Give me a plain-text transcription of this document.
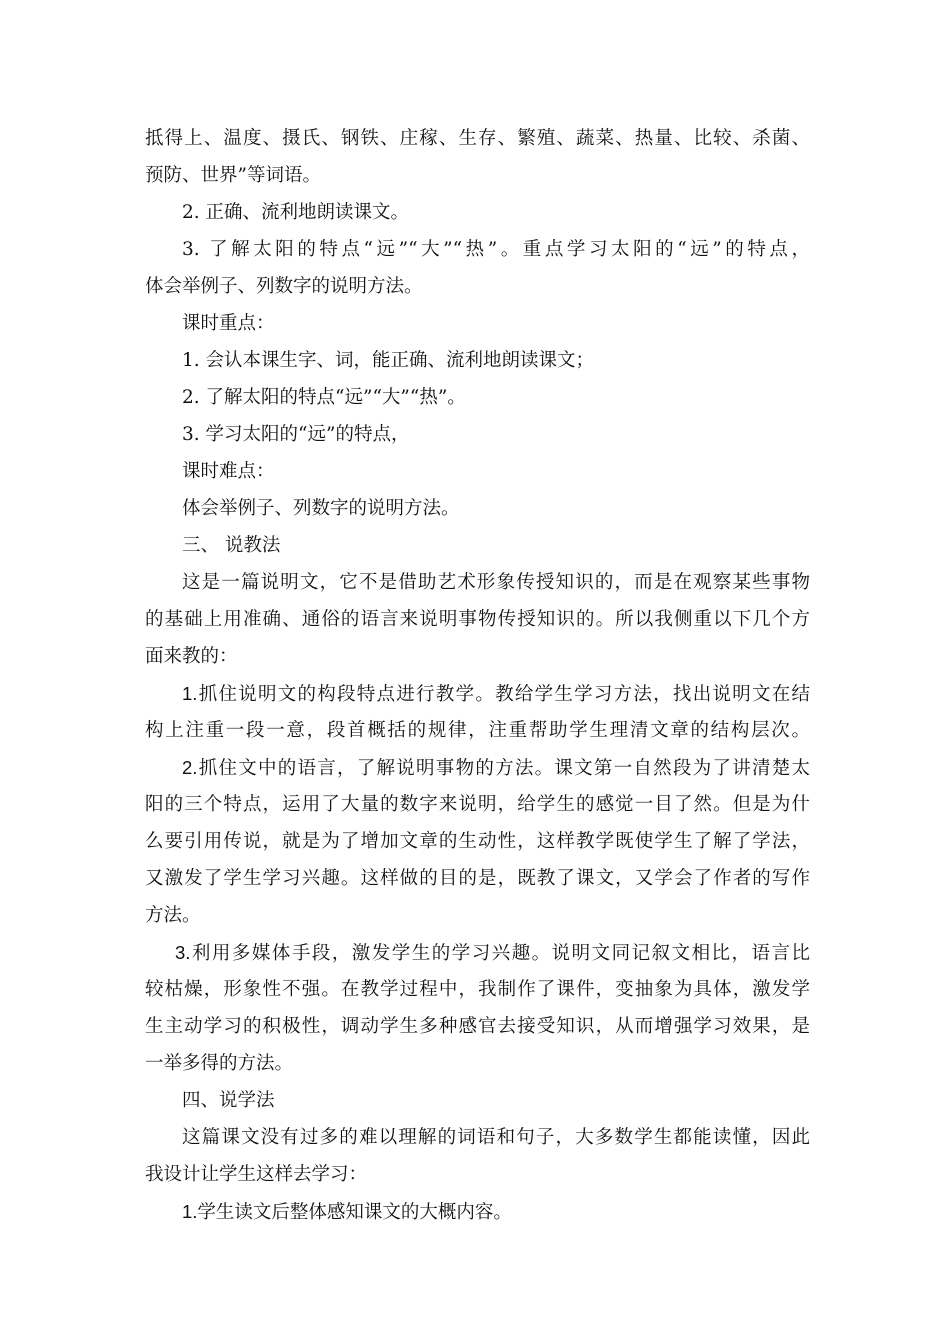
抵得上、温度、摄氏、钢铁、庄稼、生存、繁殖、蔬菜、热量、比较、杀菌、
预防、世界”等词语。
2. 正确、流利地朗读课文。
3. 了解太阳的特点“远”“大”“热”。重点学习太阳的“远”的特点，
体会举例子、列数字的说明方法。
课时重点：
1. 会认本课生字、词，能正确、流利地朗读课文；
2. 了解太阳的特点“远”“大”“热”。
3. 学习太阳的“远”的特点，
课时难点：
体会举例子、列数字的说明方法。
三、 说教法
这是一篇说明文，它不是借助艺术形象传授知识的，而是在观察某些事物
的基础上用准确、通俗的语言来说明事物传授知识的。所以我侧重以下几个方
面来教的：
1.抓住说明文的构段特点进行教学。教给学生学习方法，找出说明文在结
构上注重一段一意，段首概括的规律，注重帮助学生理清文章的结构层次。
2.抓住文中的语言，了解说明事物的方法。课文第一自然段为了讲清楚太
阳的三个特点，运用了大量的数字来说明，给学生的感觉一目了然。但是为什
么要引用传说，就是为了增加文章的生动性，这样教学既使学生了解了学法，
又激发了学生学习兴趣。这样做的目的是，既教了课文，又学会了作者的写作
方法。
3.利用多媒体手段，激发学生的学习兴趣。说明文同记叙文相比，语言比
较枯燥，形象性不强。在教学过程中，我制作了课件，变抽象为具体，激发学
生主动学习的积极性，调动学生多种感官去接受知识，从而增强学习效果，是
一举多得的方法。
四、说学法
这篇课文没有过多的难以理解的词语和句子，大多数学生都能读懂，因此
我设计让学生这样去学习：
1.学生读文后整体感知课文的大概内容。
